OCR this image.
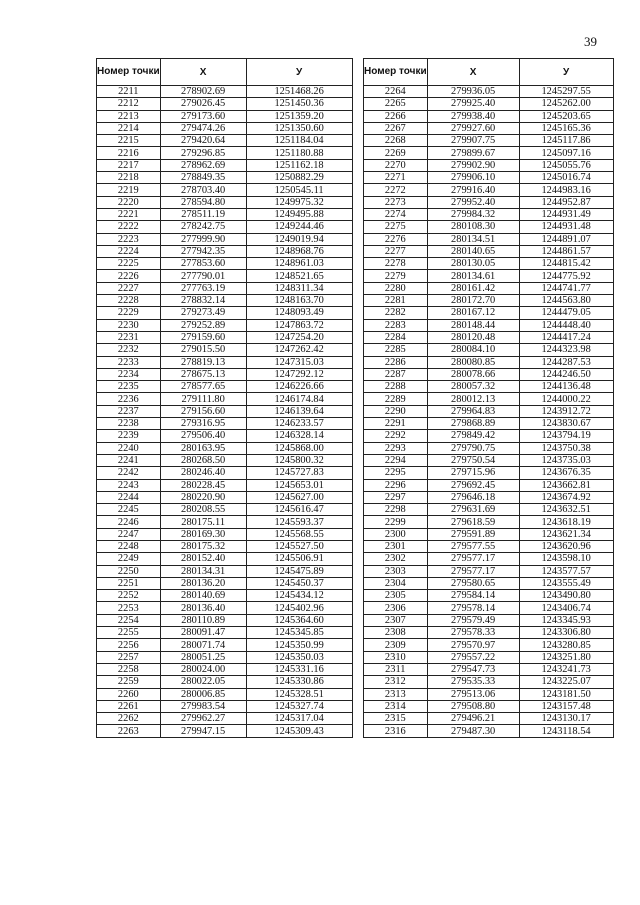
39
Номер точки	X	У
2211	278902.69	1251468.26
2212	279026.45	1251450.36
2213	279173.60	1251359.20
2214	279474.26	1251350.60
2215	279420.64	1251184.04
2216	279296.85	1251180.88
2217	278962.69	1251162.18
2218	278849.35	1250882.29
2219	278703.40	1250545.11
2220	278594.80	1249975.32
2221	278511.19	1249495.88
2222	278242.75	1249244.46
2223	277999.90	1249019.94
2224	277942.35	1248968.76
2225	277853.60	1248961.03
2226	277790.01	1248521.65
2227	277763.19	1248311.34
2228	278832.14	1248163.70
2229	279273.49	1248093.49
2230	279252.89	1247863.72
2231	279159.60	1247254.20
2232	279015.50	1247262.42
2233	278819.13	1247315.03
2234	278675.13	1247292.12
2235	278577.65	1246226.66
2236	279111.80	1246174.84
2237	279156.60	1246139.64
2238	279316.95	1246233.57
2239	279506.40	1246328.14
2240	280163.95	1245868.00
2241	280268.50	1245800.32
2242	280246.40	1245727.83
2243	280228.45	1245653.01
2244	280220.90	1245627.00
2245	280208.55	1245616.47
2246	280175.11	1245593.37
2247	280169.30	1245568.55
2248	280175.32	1245527.50
2249	280152.40	1245506.91
2250	280134.31	1245475.89
2251	280136.20	1245450.37
2252	280140.69	1245434.12
2253	280136.40	1245402.96
2254	280110.89	1245364.60
2255	280091.47	1245345.85
2256	280071.74	1245350.99
2257	280051.25	1245350.03
2258	280024.00	1245331.16
2259	280022.05	1245330.86
2260	280006.85	1245328.51
2261	279983.54	1245327.74
2262	279962.27	1245317.04
2263	279947.15	1245309.43
Номер точки	X	У
2264	279936.05	1245297.55
2265	279925.40	1245262.00
2266	279938.40	1245203.65
2267	279927.60	1245165.36
2268	279907.75	1245117.86
2269	279899.67	1245097.16
2270	279902.90	1245055.76
2271	279906.10	1245016.74
2272	279916.40	1244983.16
2273	279952.40	1244952.87
2274	279984.32	1244931.49
2275	280108.30	1244931.48
2276	280134.51	1244891.07
2277	280140.65	1244861.57
2278	280130.05	1244815.42
2279	280134.61	1244775.92
2280	280161.42	1244741.77
2281	280172.70	1244563.80
2282	280167.12	1244479.05
2283	280148.44	1244448.40
2284	280120.48	1244417.24
2285	280084.10	1244323.98
2286	280080.85	1244287.53
2287	280078.66	1244246.50
2288	280057.32	1244136.48
2289	280012.13	1244000.22
2290	279964.83	1243912.72
2291	279868.89	1243830.67
2292	279849.42	1243794.19
2293	279790.75	1243750.38
2294	279750.54	1243735.03
2295	279715.96	1243676.35
2296	279692.45	1243662.81
2297	279646.18	1243674.92
2298	279631.69	1243632.51
2299	279618.59	1243618.19
2300	279591.89	1243621.34
2301	279577.55	1243620.96
2302	279577.17	1243598.10
2303	279577.17	1243577.57
2304	279580.65	1243555.49
2305	279584.14	1243490.80
2306	279578.14	1243406.74
2307	279579.49	1243345.93
2308	279578.33	1243306.80
2309	279570.97	1243280.85
2310	279557.22	1243251.80
2311	279547.73	1243241.73
2312	279535.33	1243225.07
2313	279513.06	1243181.50
2314	279508.80	1243157.48
2315	279496.21	1243130.17
2316	279487.30	1243118.54
